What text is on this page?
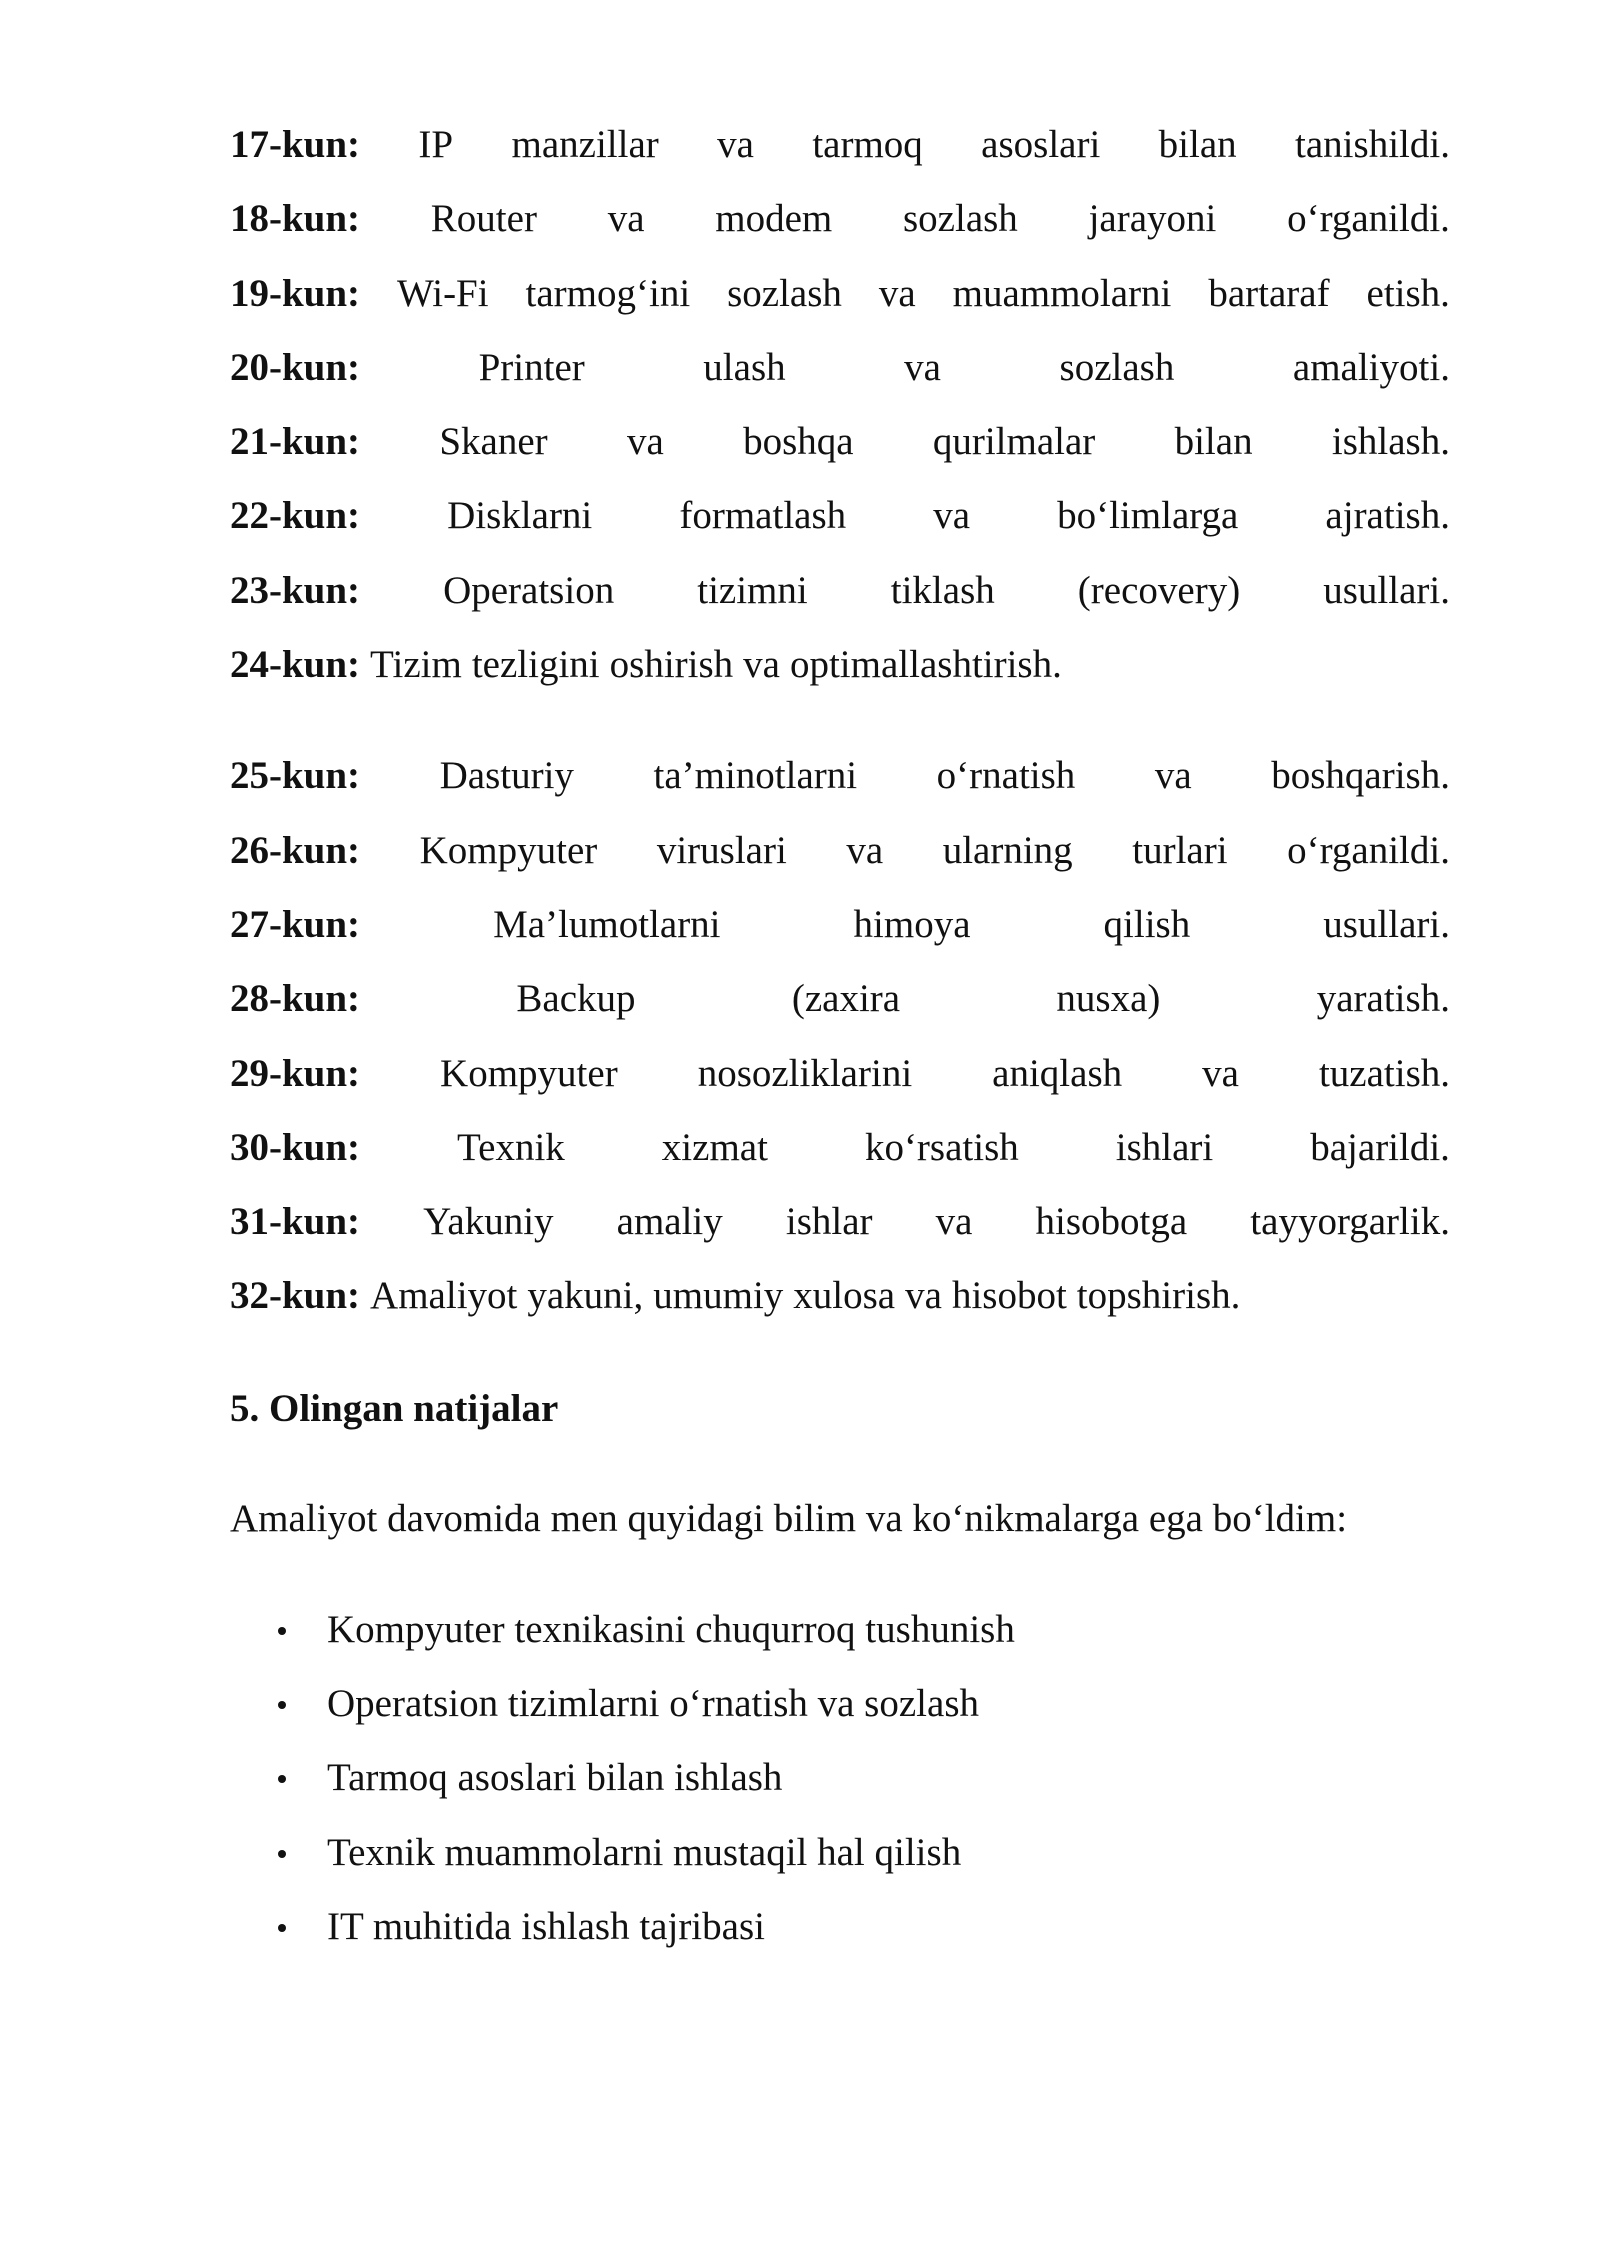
17-kun: IP manzillar va tarmoq asoslari bilan tanishildi.
18-kun: Router va modem sozlash jarayoni o‘rganildi.
19-kun: Wi-Fi tarmog‘ini sozlash va muammolarni bartaraf etish.
20-kun:	Printer	ulash	va	sozlash	amaliyoti.
21-kun: Skaner va boshqa qurilmalar bilan ishlash.
22-kun: Disklarni formatlash va bo‘limlarga ajratish.
23-kun: Operatsion tizimni tiklash (recovery) usullari.
24-kun: Tizim tezligini oshirish va optimallashtirish.
25-kun: Dasturiy ta’minotlarni o‘rnatish va boshqarish.
26-kun: Kompyuter viruslari va ularning turlari o‘rganildi.
27-kun:	Ma’lumotlarni	himoya	qilish	usullari.
28-kun:	Backup	(zaxira	nusxa)	yaratish.
29-kun: Kompyuter nosozliklarini aniqlash va tuzatish.
30-kun: Texnik xizmat ko‘rsatish ishlari bajarildi.
31-kun: Yakuniy amaliy ishlar va hisobotga tayyorgarlik.
32-kun: Amaliyot yakuni, umumiy xulosa va hisobot topshirish.
5. Olingan natijalar
Amaliyot davomida men quyidagi bilim va ko‘nikmalarga ega bo‘ldim:
Kompyuter texnikasini chuqurroq tushunish
Operatsion tizimlarni o‘rnatish va sozlash
Tarmoq asoslari bilan ishlash
Texnik muammolarni mustaqil hal qilish
IT muhitida ishlash tajribasi
